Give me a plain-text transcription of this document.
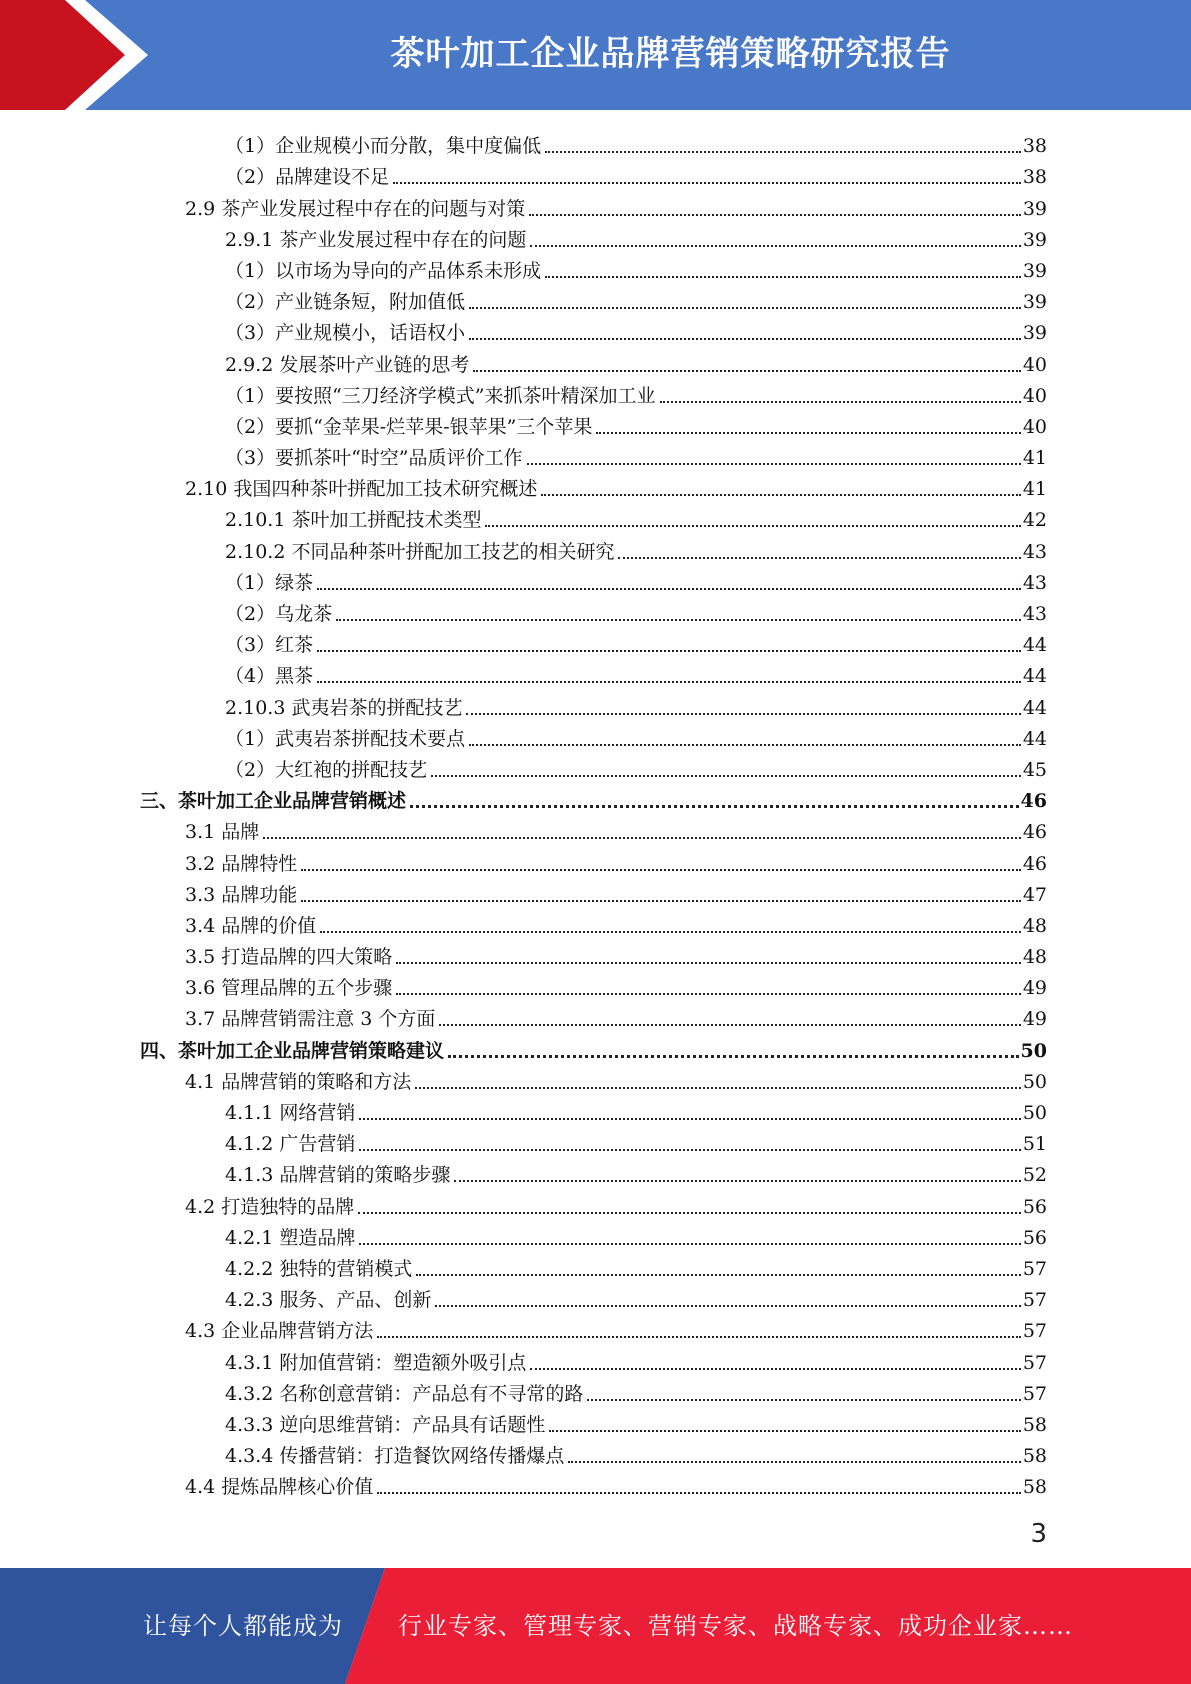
茶叶加工企业品牌营销策略研究报告
（1）企业规模小而分散，集中度偏低	38
（2）品牌建设不足	38
2.9 茶产业发展过程中存在的问题与对策	39
2.9.1 茶产业发展过程中存在的问题	39
（1）以市场为导向的产品体系未形成	39
（2）产业链条短，附加值低	39
（3）产业规模小，话语权小	39
2.9.2 发展茶叶产业链的思考	40
（1）要按照“三刀经济学模式”来抓茶叶精深加工业	40
（2）要抓“金苹果-烂苹果-银苹果”三个苹果	40
（3）要抓茶叶“时空”品质评价工作	41
2.10 我国四种茶叶拼配加工技术研究概述	41
2.10.1 茶叶加工拼配技术类型	42
2.10.2 不同品种茶叶拼配加工技艺的相关研究	43
（1）绿茶	43
（2）乌龙茶	43
（3）红茶	44
（4）黑茶	44
2.10.3 武夷岩茶的拼配技艺	44
（1）武夷岩茶拼配技术要点	44
（2）大红袍的拼配技艺	45
三、茶叶加工企业品牌营销概述	46
3.1 品牌	46
3.2 品牌特性	46
3.3 品牌功能	47
3.4 品牌的价值	48
3.5 打造品牌的四大策略	48
3.6 管理品牌的五个步骤	49
3.7 品牌营销需注意 3 个方面	49
四、茶叶加工企业品牌营销策略建议	50
4.1 品牌营销的策略和方法	50
4.1.1 网络营销	50
4.1.2 广告营销	51
4.1.3 品牌营销的策略步骤	52
4.2 打造独特的品牌	56
4.2.1 塑造品牌	56
4.2.2 独特的营销模式	57
4.2.3 服务、产品、创新	57
4.3 企业品牌营销方法	57
4.3.1 附加值营销：塑造额外吸引点	57
4.3.2 名称创意营销：产品总有不寻常的路	57
4.3.3 逆向思维营销：产品具有话题性	58
4.3.4 传播营销：打造餐饮网络传播爆点	58
4.4 提炼品牌核心价值	58
3
让每个人都能成为 行业专家、管理专家、营销专家、战略专家、成功企业家……
